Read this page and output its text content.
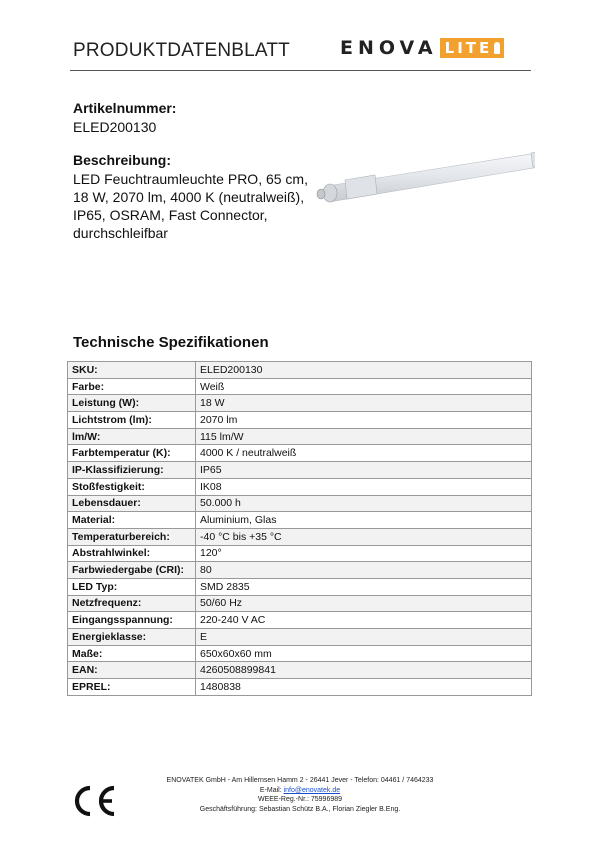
PRODUKTDATENBLATT	ENOVA LITE
Artikelnummer:
ELED200130
Beschreibung:
LED Feuchtraumleuchte PRO, 65 cm,
18 W, 2070 lm, 4000 K (neutralweiß),
IP65, OSRAM, Fast Connector,
durchschleifbar
Technische Spezifikationen
SKU:	ELED200130
Farbe:	Weiß
Leistung (W):	18 W
Lichtstrom (lm):	2070 lm
lm/W:	115 lm/W
Farbtemperatur (K):	4000 K / neutralweiß
IP-Klassifizierung:	IP65
Stoßfestigkeit:	IK08
Lebensdauer:	50.000 h
Material:	Aluminium, Glas
Temperaturbereich:	-40 °C bis +35 °C
Abstrahlwinkel:	120°
Farbwiedergabe (CRI):	80
LED Typ:	SMD 2835
Netzfrequenz:	50/60 Hz
Eingangsspannung:	220-240 V AC
Energieklasse:	E
Maße:	650x60x60 mm
EAN:	4260508899841
EPREL:	1480838
ENOVATEK GmbH - Am Hillernsen Hamm 2 - 26441 Jever - Telefon: 04461 / 7464233
E-Mail: info@enovatek.de
WEEE-Reg.-Nr.: 75996989
Geschäftsführung: Sebastian Schütz B.A., Florian Ziegler B.Eng.
